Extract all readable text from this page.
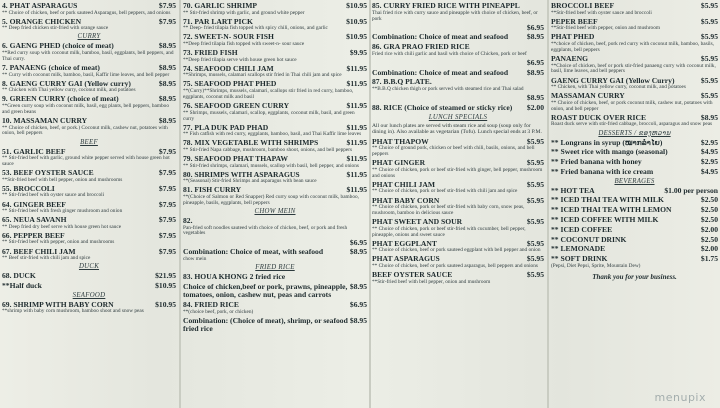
4. PHAT ASPARAGUS	$7.95
** Choice of chicken, beef or pork sauteed Asparagus, bell peppers, and onions
5. ORANGE CHICKEN	$7.95
** Deep fried chicken stir-fried with orange sauce
CURRY
6. GAENG PHED (choice of meat)	$8.95
**Red curry soup with coconut milk, bamboo, basil, eggplants, bell peppers, and Thai curry.
7. PANAENG (choice of meat)	$8.95
** Curry with coconut milk, bamboo, basil, Kaffir lime leaves, and bell pepper
8. GAENG CURRY GAI (Yellow curry)	$8.95
** Chicken with Thai yellow curry, coconut milk, and potatoes
9. GREEN CURRY (choice of meat)	$8.95
**Green curry soup with coconut milk, basil, egg plants, bell peppers, bamboo and green beans
10. MASSAMAN CURRY	$8.95
** Choice of chicken, beef, or pork.) Coconut milk, cashew nut, potatoes with onion, bell peppers
BEEF
51. GARLIC BEEF	$7.95
** Stir-fried beef with garlic, ground white pepper served with house green hot sauce
53. BEEF OYSTER SAUCE	$7.95
**Stir-fried beef with bell pepper, onion and mushrooms
55. BROCCOLI	$7.95
** Stir-fried beef with oyster sauce and broccoli
64. GINGER BEEF	$7.95
** Stir-fried beef with fresh ginger mushroom and onion
65. NEUA SAVANH	$7.95
** Deep fried dry beef serve with house green hot sauce
66. PEPPER BEEF	$7.95
** Stir-fried beef with pepper, onion and mushrooms
67. BEEF CHILI JAM	$7.95
** Beef stir-fried with chili jam and spice
DUCK
68. DUCK	$21.95
**Half duck	$10.95
SEAFOOD
69. SHRIMP WITH BABY CORN	$10.95
**shrimp with baby corn mushroom, bamboo shoot and snow peas
70. GARLIC SHRIMP	$10.95
** Stir-fried shrimp with garlic, and ground white pepper
71. PAR LART PICK	$10.95
** Deep- fried tilapia fish topped with spicy chili, onions, and garlic
72. SWEET-N- SOUR FISH	$10.95
**Deep fried tilapia fish topped with sweet-n- sour sauce
73. FRIED FISH	$9.95
**Deep fried tilapia serve with house green hot sauce
74. SEAFOOD CHILI JAM	$11.95
**Shrimps, mussels, calamari scallops stir fried in Thai chili jam and spice
75. SEAFOOD PHAT PHED	$11.95
**(Curry)**Shrimps, mussels, calamari, scallops stir fried in red curry, bamboo, eggplants, coconut milk and basil
76. SEAFOOD GREEN CURRY	$11.95
** Shrimps, mussels, calamari, scallop, eggplants, coconut milk, basil, and green curry
77. PLA DUK PAD PHAD	$11.95
** Fish catfish with red curry, eggplants, bamboo, basil, and Thai Kaffir lime leaves
78. MIX VEGETABLE WITH SHRIMPS	$11.95
** Stir-fried Napa cabbage, mushroom, bamboo shoot, onions, and bell peppers
79. SEAFOOD PHAT THAPAW	$11.95
** Stir-fried shrimps, calamari, mussels, scallop with basil, bell pepper, and onions
80. SHRIMPS WITH ASPARAGUS	$11.95
**(Seasonal) Stir-fried Shrimps and asparagus with bean sauce
81. FISH CURRY	$11.95
**(Choice of Salmon or Red Snapper) Red curry soup with coconut milk, bamboo, pineapple, basils, eggplants, bell peppers
CHOW MEIN
82.
Pan-fried soft noodles sauteed with choice of chicken, beef, or pork and fresh vegetables
$6.95
Combination: Choice of meat, with seafood	$8.95
chow mein
FRIED RICE
83. HOUA KHONG 2 fried rice
Choice of chicken,beef or pork, prawns, pineapple, tomatoes, onion, cashew nut, peas and carrots
$8.95
84. FRIED RICE	$6.95
**(choice beef, pork, or chicken)
Combination: (Choice of meat), shrimp, or seafood fried rice
$8.95
85. CURRY FRIED RICE WITH PINEAPPL
Thai fried rice with curry sauce and pineapple with choice of chicken, beef, or pork
$6.95
Combination: Choice of meat and seafood	$8.95
86. GRA PRAO FRIED RICE
Fried rice with chili garlic and basil with choice of Chicken, pork or beef
$6.95
Combination: Choice of meat and seafood	$8.95
87. B.B.Q PLATE.
**B.B.Q chicken thigh or pork served with steamed rice and Thai salad
$8.95
88. RICE (Choice of steamed or sticky rice)	$2.00
LUNCH SPECIALS
All our lunch plates are served with steam rice and soup (soup only for dining in). Also available as vegetarian (Tofu). Lunch special ends at 3 P.M.
PHAT THAPOW	$5.95
** Choice of ground pork, chicken or beef with chili, basils, onions, and bell peppers
PHAT GINGER	$5.95
** Choice of chicken, pork or beef stir-fried with ginger, bell pepper, mushroom and onions
PHAT CHILI JAM	$5.95
** Choice of chicken, pork or beef stir-fried with chili jam and spice
PHAT BABY CORN	$5.95
** Choice of chicken, pork or beef stir-fried with baby corn, snow peas, mushroom, bamboo in delicious sauce
PHAT SWEET AND SOUR	$5.95
** Choice of chicken, pork or beef stir-fried with cucumber, bell pepper, pineapple, onions and sweet sauce
PHAT EGGPLANT	$5.95
** Choice of chicken, beef or pork sauteed eggplant with bell pepper and onion
PHAT ASPARAGUS	$5.95
** Choice of chicken, beef or pork sauteed asparagus, bell peppers and onions
BEEF OYSTER SAUCE	$5.95
**Stir-fried beef with bell pepper, onion and mushroom
BROCCOLI BEEF	$5.95
**Stir-fried beef with oyster sauce and broccoli
PEPER BEEF	$5.95
**Stir-fried beef with pepper, onion and mushroom
PHAT PHED	$5.95
**choice of chicken, beef, pork red curry with coconut milk, bamboo, basils, eggplants, bell peppers
PANAENG	$5.95
**Choice of chicken, beef or pork stir-fried panaeng curry with coconut milk, basil, lime leaves, and bell peppers
GAENG CURRY GAI (Yellow Curry)	$5.95
** Chicken, with Thai yellow curry, coconut milk, and potatoes
MASSAMAN CURRY	$5.95
** Choice of chicken, beef, or pork coconut milk, cashew nut, potatoes with onion, and bell pepper
ROAST DUCK OVER RICE	$8.95
Roast duck serve with stir-fried cabbage, broccoli, asparagus and snow peas
DESSERTS / ຂອງຫວານ
** Longrans in syrup (ໝາກລຳໄຍ)	$2.95
** Sweet rice with mango (seasonal)	$4.95
** Fried banana with honey	$2.95
** Fried banana with ice cream	$4.95
BEVERAGES
** HOT TEA	$1.00 per person
** ICED THAI TEA WITH MILK	$2.50
** ICED THAI TEA WITH LEMON	$2.50
** ICED COFFEE WITH MILK	$2.50
** ICED COFFEE	$2.00
** COCONUT DRINK	$2.50
** LEMONADE	$2.00
** SOFT DRINK	$1.75
(Pepsi, Diet Pepsi, Sprite, Mountain Dew)
Thank you for your business.
menupix
